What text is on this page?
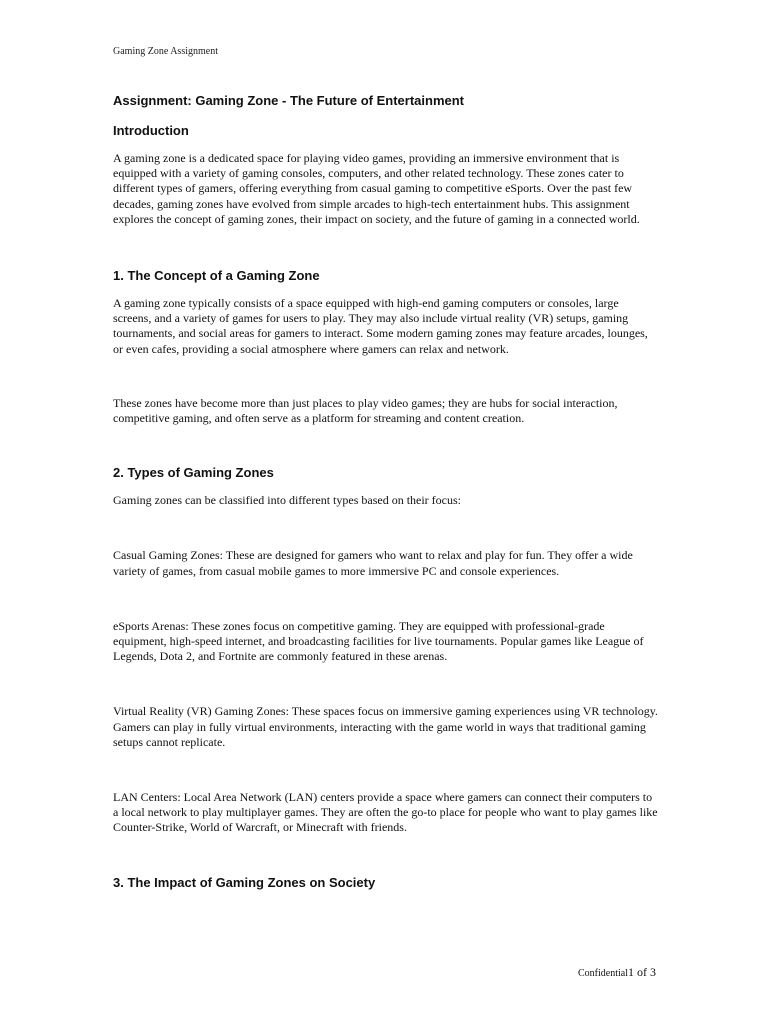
Gaming Zone Assignment
Assignment: Gaming Zone - The Future of Entertainment
Introduction

A gaming zone is a dedicated space for playing video games, providing an immersive environment that is equipped with a variety of gaming consoles, computers, and other related technology. These zones cater to different types of gamers, offering everything from casual gaming to competitive eSports. Over the past few decades, gaming zones have evolved from simple arcades to high-tech entertainment hubs. This assignment explores the concept of gaming zones, their impact on society, and the future of gaming in a connected world.

1. The Concept of a Gaming Zone

A gaming zone typically consists of a space equipped with high-end gaming computers or consoles, large screens, and a variety of games for users to play. They may also include virtual reality (VR) setups, gaming tournaments, and social areas for gamers to interact. Some modern gaming zones may feature arcades, lounges, or even cafes, providing a social atmosphere where gamers can relax and network.

These zones have become more than just places to play video games; they are hubs for social interaction, competitive gaming, and often serve as a platform for streaming and content creation.

2. Types of Gaming Zones

Gaming zones can be classified into different types based on their focus:

Casual Gaming Zones: These are designed for gamers who want to relax and play for fun. They offer a wide variety of games, from casual mobile games to more immersive PC and console experiences.

eSports Arenas: These zones focus on competitive gaming. They are equipped with professional-grade equipment, high-speed internet, and broadcasting facilities for live tournaments. Popular games like League of Legends, Dota 2, and Fortnite are commonly featured in these arenas.

Virtual Reality (VR) Gaming Zones: These spaces focus on immersive gaming experiences using VR technology. Gamers can play in fully virtual environments, interacting with the game world in ways that traditional gaming setups cannot replicate.

LAN Centers: Local Area Network (LAN) centers provide a space where gamers can connect their computers to a local network to play multiplayer games. They are often the go-to place for people who want to play games like Counter-Strike, World of Warcraft, or Minecraft with friends.

3. The Impact of Gaming Zones on Society
Confidential1 of 3
